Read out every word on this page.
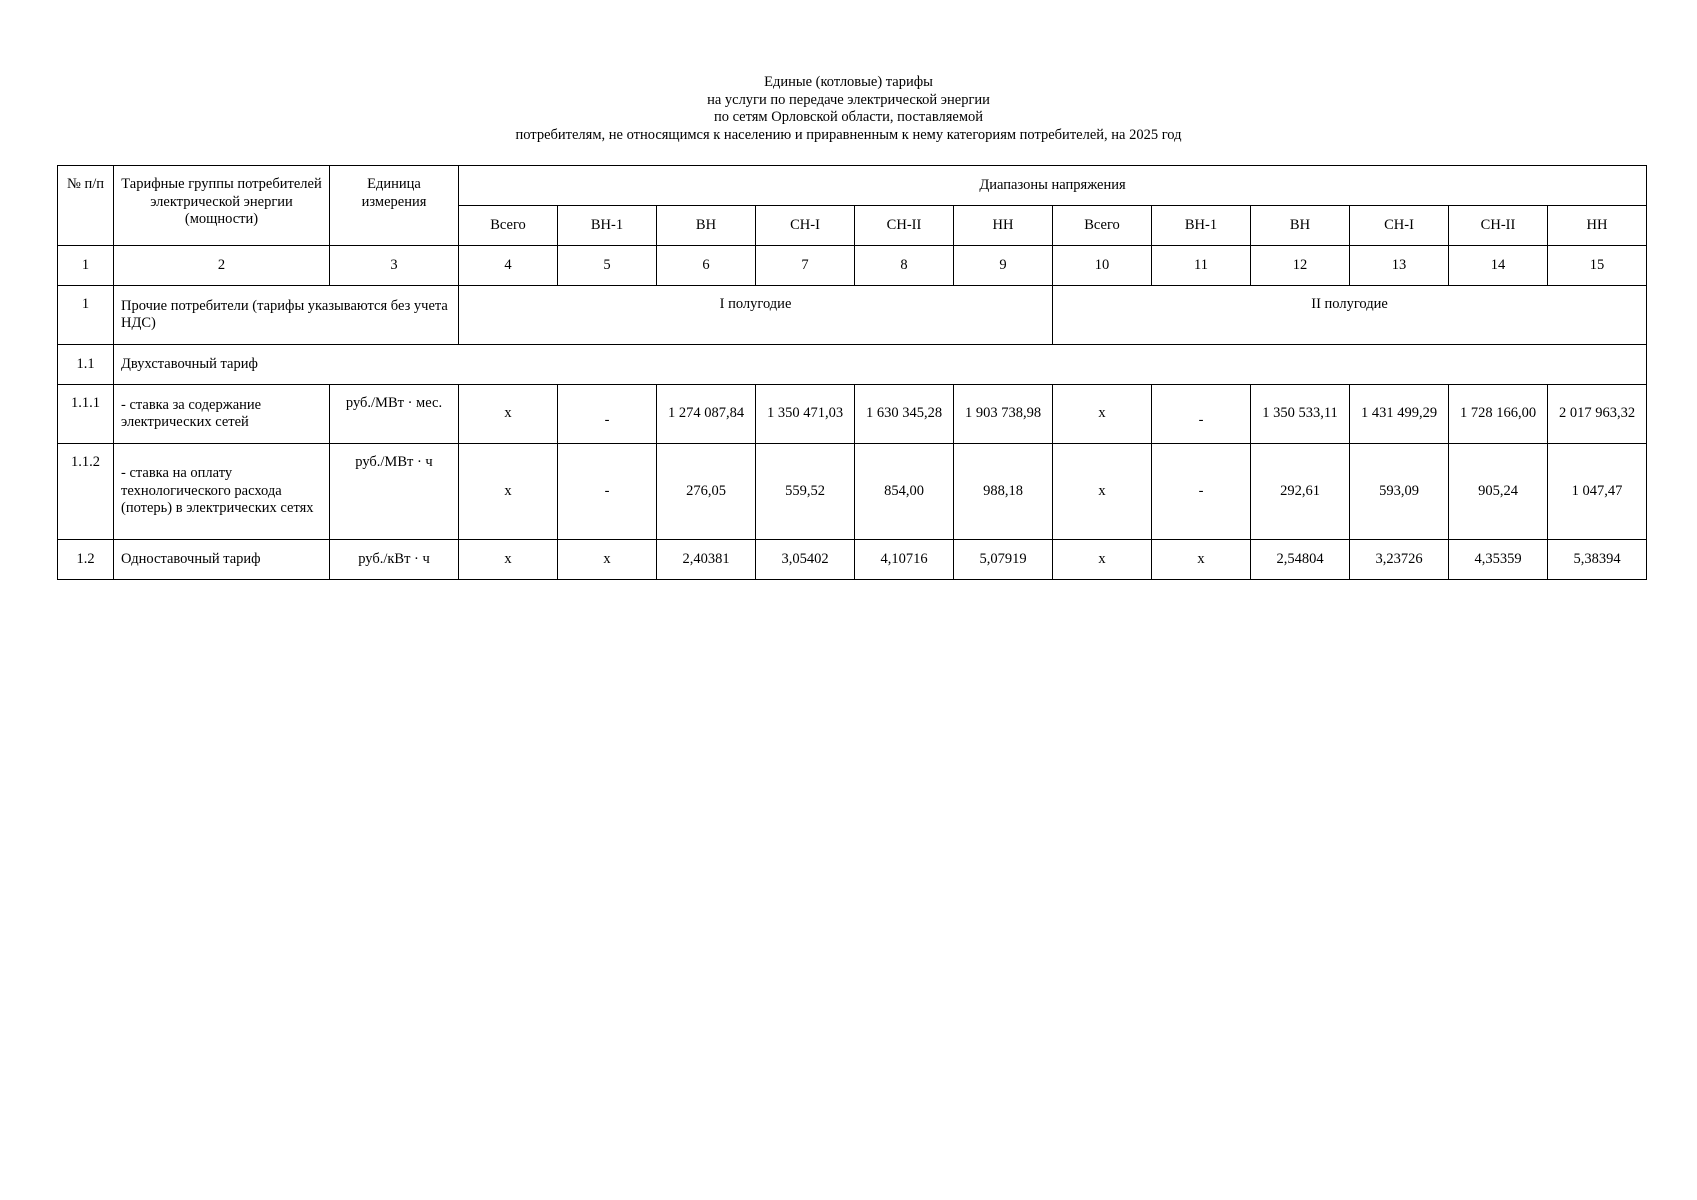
Единые (котловые) тарифы
на услуги по передаче электрической энергии
по сетям Орловской области, поставляемой
потребителям, не относящимся к населению и приравненным к нему категориям потребителей, на 2025 год
№ п/п	Тарифные группы потребителей электрической энергии (мощности)	Единица измерения	Диапазоны напряжения											
			Всего	ВН-1	ВН	СН-I	СН-II	НН	Всего	ВН-1	ВН	СН-I	СН-II	НН
1	2	3	4	5	6	7	8	9	10	11	12	13	14	15
1	Прочие потребители (тарифы указываются без учета НДС)		I полугодие						II полугодие					
1.1	Двухставочный тариф													
1.1.1	- ставка за содержание электрических сетей	руб./МВт · мес.	х	-	1 274 087,84	1 350 471,03	1 630 345,28	1 903 738,98	х	-	1 350 533,11	1 431 499,29	1 728 166,00	2 017 963,32
1.1.2	- ставка на оплату технологического расхода (потерь) в электрических сетях	руб./МВт · ч	х	-	276,05	559,52	854,00	988,18	х	-	292,61	593,09	905,24	1 047,47
1.2	Одноставочный тариф	руб./кВт · ч	х	х	2,40381	3,05402	4,10716	5,07919	х	х	2,54804	3,23726	4,35359	5,38394
